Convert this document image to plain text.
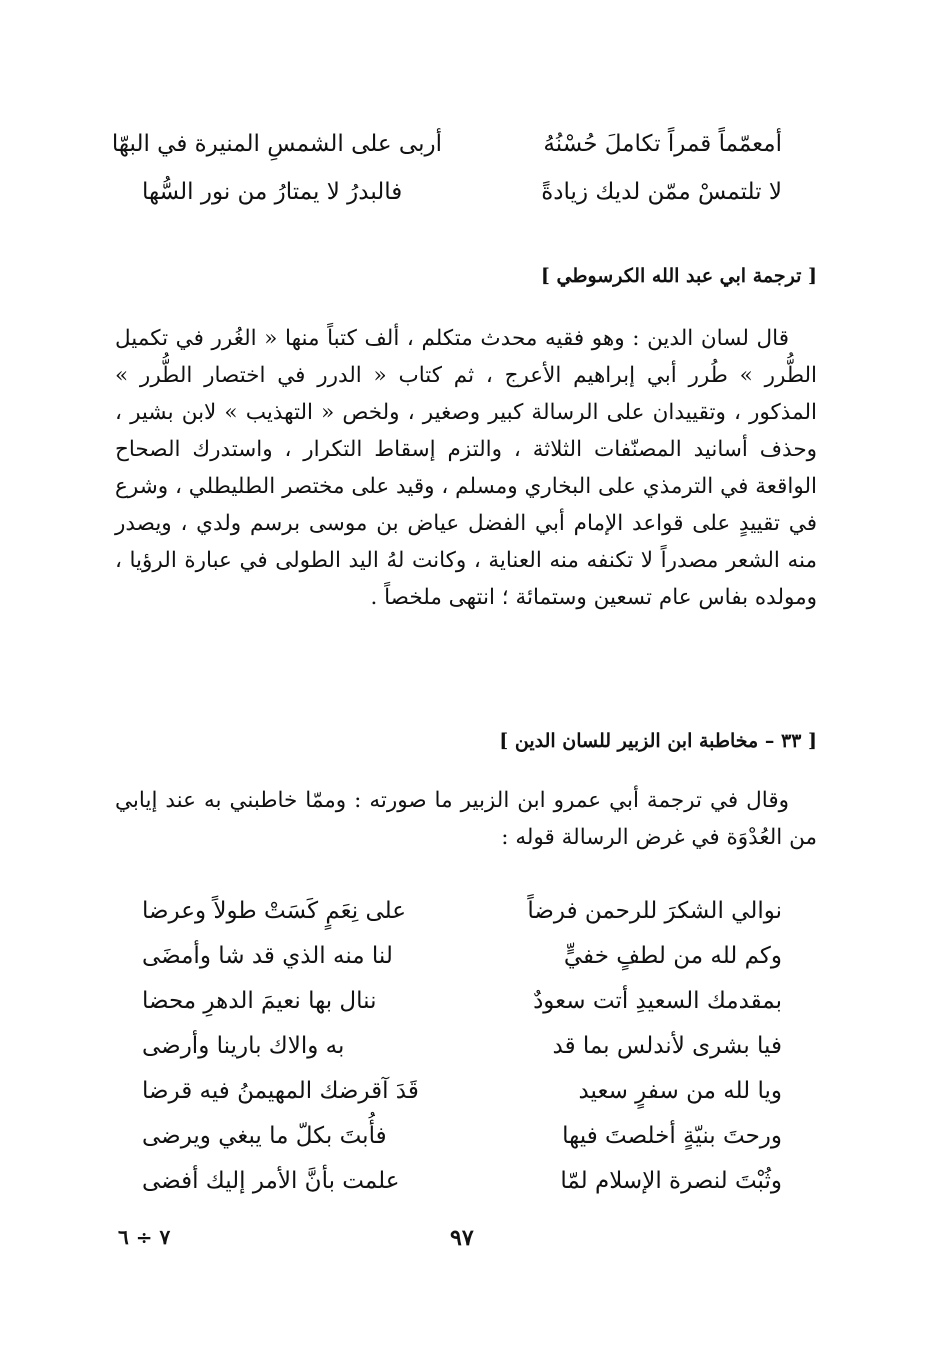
أمعمّماً قمراً تكاملَ حُسْنُهُ
أربى على الشمسِ المنيرة في البهّا
لا تلتمسْ ممّن لديك زيادةً
فالبدرُ لا يمتارُ من نور السُّها
[ ترجمة ابي عبد الله الكرسوطي ]

قال لسان الدين : وهو فقيه محدث متكلم ، ألف كتباً منها « الغُرر في تكميل الطُّرر » طُرر أبي إبراهيم الأعرج ، ثم كتاب « الدرر في اختصار الطُّرر » المذكور ، وتقييدان على الرسالة كبير وصغير ، ولخص « التهذيب » لابن بشير ، وحذف أسانيد المصنّفات الثلاثة ، والتزم إسقاط التكرار ، واستدرك الصحاح الواقعة في الترمذي على البخاري ومسلم ، وقيد على مختصر الطليطلي ، وشرع في تقييدٍ على قواعد الإمام أبي الفضل عياض بن موسى برسم ولدي ، ويصدر منه الشعر مصدراً لا تكنفه منه العناية ، وكانت لهُ اليد الطولى في عبارة الرؤيا ، ومولده بفاس عام تسعين وستمائة ؛ انتهى ملخصاً .

[ ٣٣ – مخاطبة ابن الزبير للسان الدين ]

وقال في ترجمة أبي عمرو ابن الزبير ما صورته : وممّا خاطبني به عند إيابي من العُدْوَة في غرض الرسالة قوله :

نوالي الشكرَ للرحمن فرضاً
على نِعَمٍ كَسَتْ طولاً وعرضا
وكم لله من لطفٍ خفيٍّ
لنا منه الذي قد شا وأمضَى
بمقدمك السعيدِ أتت سعودٌ
ننال بها نعيمَ الدهرِ محضا
فيا بشرى لأندلس بما قد
به والاك بارينا وأرضى
ويا لله من سفرٍ سعيد
قَدَ آقرضك المهيمنُ فيه قرضا
ورحتَ بنيّةٍ أخلصتَ فيها
فأُبتَ بكلّ ما يبغي ويرضى
وثُبْتَ لنصرة الإسلام لمّا
علمت بأنَّ الأمر إليك أفضى
٩٧
٧ ÷ ٦
